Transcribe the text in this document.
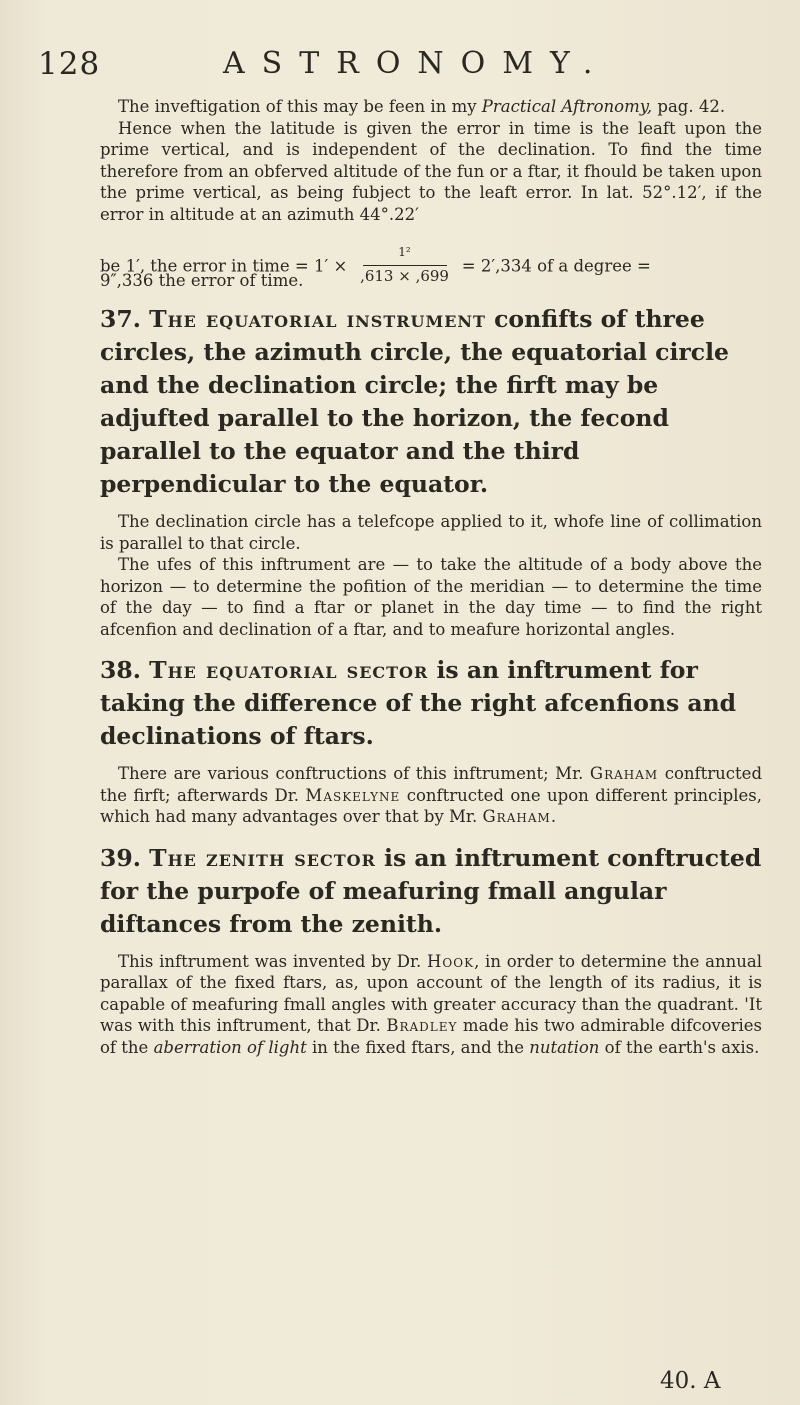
128	ASTRONOMY.

The inveftigation of this may be feen in my Practical Aftronomy, pag. 42.

Hence when the latitude is given the error in time is the leaft upon the prime vertical, and is independent of the declination. To find the time therefore from an obferved altitude of the fun or a ftar, it fhould be taken upon the prime vertical, as being fubject to the leaft error. In lat. 52°.12′, if the error in altitude at an azimuth 44°.22′

be 1′, the error in time = $1' \times \frac{\text{1²}}{,613 \times ,699} = 2',334$ of a degree =
9″,336 the error of time.
37. The equatorial instrument confifts of three circles, the azimuth circle, the equatorial circle and the declination circle; the firft may be adjufted parallel to the horizon, the fecond parallel to the equator and the third perpendicular to the equator.

The declination circle has a telefcope applied to it, whofe line of collimation is parallel to that circle.

The ufes of this inftrument are — to take the altitude of a body above the horizon — to determine the pofition of the meridian — to determine the time of the day — to find a ftar or planet in the day time — to find the right afcenfion and declination of a ftar, and to meafure horizontal angles.

38. The equatorial sector is an inftrument for taking the difference of the right afcenfions and declinations of ftars.

There are various conftructions of this inftrument; Mr. Graham conftructed the firft; afterwards Dr. Maskelyne conftructed one upon different principles, which had many advantages over that by Mr. Graham.

39. The zenith sector is an inftrument conftructed for the purpofe of meafuring fmall angular diftances from the zenith.

This inftrument was invented by Dr. Hook, in order to determine the annual parallax of the fixed ftars, as, upon account of the length of its radius, it is capable of meafuring fmall angles with greater accuracy than the quadrant. 'It was with this inftrument, that Dr. Bradley made his two admirable difcoveries of the aberration of light in the fixed ftars, and the nutation of the earth's axis.

40. A
